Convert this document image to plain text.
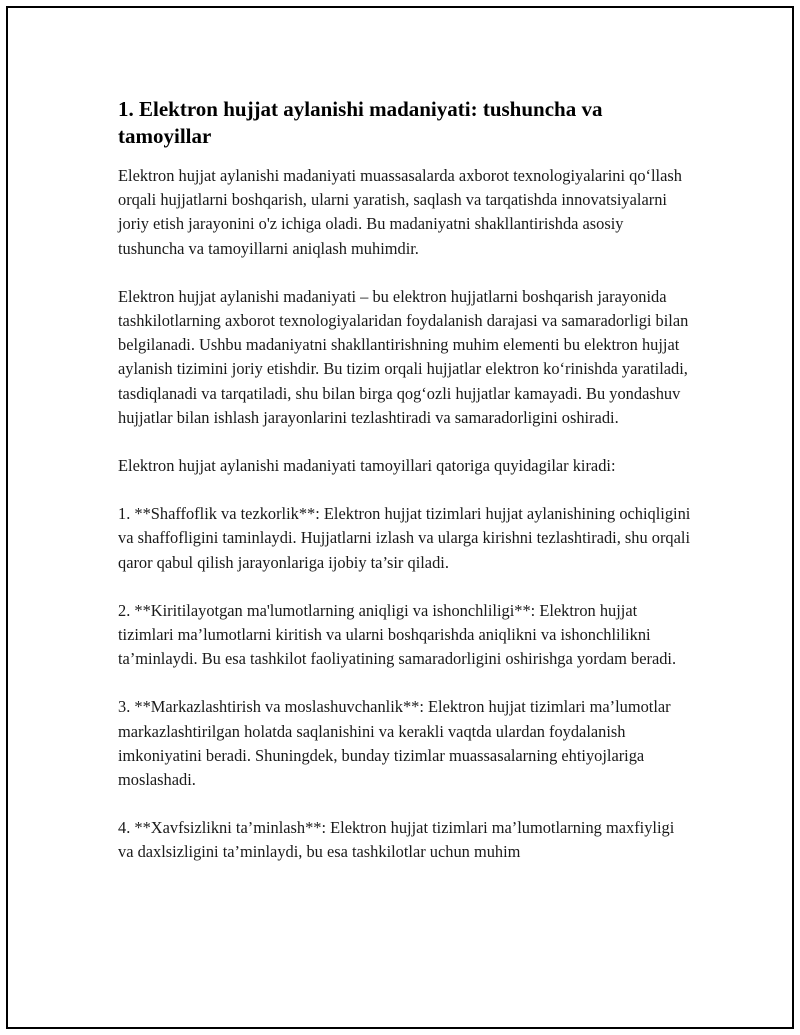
1. Elektron hujjat aylanishi madaniyati: tushuncha va tamoyillar

Elektron hujjat aylanishi madaniyati muassasalarda axborot texnologiyalarini qo‘llash orqali hujjatlarni boshqarish, ularni yaratish, saqlash va tarqatishda innovatsiyalarni joriy etish jarayonini o'z ichiga oladi. Bu madaniyatni shakllantirishda asosiy tushuncha va tamoyillarni aniqlash muhimdir.

Elektron hujjat aylanishi madaniyati – bu elektron hujjatlarni boshqarish jarayonida tashkilotlarning axborot texnologiyalaridan foydalanish darajasi va samaradorligi bilan belgilanadi. Ushbu madaniyatni shakllantirishning muhim elementi bu elektron hujjat aylanish tizimini joriy etishdir. Bu tizim orqali hujjatlar elektron ko‘rinishda yaratiladi, tasdiqlanadi va tarqatiladi, shu bilan birga qog‘ozli hujjatlar kamayadi. Bu yondashuv hujjatlar bilan ishlash jarayonlarini tezlashtiradi va samaradorligini oshiradi.

Elektron hujjat aylanishi madaniyati tamoyillari qatoriga quyidagilar kiradi:

1. **Shaffoflik va tezkorlik**: Elektron hujjat tizimlari hujjat aylanishining ochiqligini va shaffofligini taminlaydi. Hujjatlarni izlash va ularga kirishni tezlashtiradi, shu orqali qaror qabul qilish jarayonlariga ijobiy ta’sir qiladi.

2. **Kiritilayotgan ma'lumotlarning aniqligi va ishonchliligi**: Elektron hujjat tizimlari ma’lumotlarni kiritish va ularni boshqarishda aniqlikni va ishonchlilikni ta’minlaydi. Bu esa tashkilot faoliyatining samaradorligini oshirishga yordam beradi.

3. **Markazlashtirish va moslashuvchanlik**: Elektron hujjat tizimlari ma’lumotlar markazlashtirilgan holatda saqlanishini va kerakli vaqtda ulardan foydalanish imkoniyatini beradi. Shuningdek, bunday tizimlar muassasalarning ehtiyojlariga moslashadi.

4. **Xavfsizlikni ta’minlash**: Elektron hujjat tizimlari ma’lumotlarning maxfiyligi va daxlsizligini ta’minlaydi, bu esa tashkilotlar uchun muhim
